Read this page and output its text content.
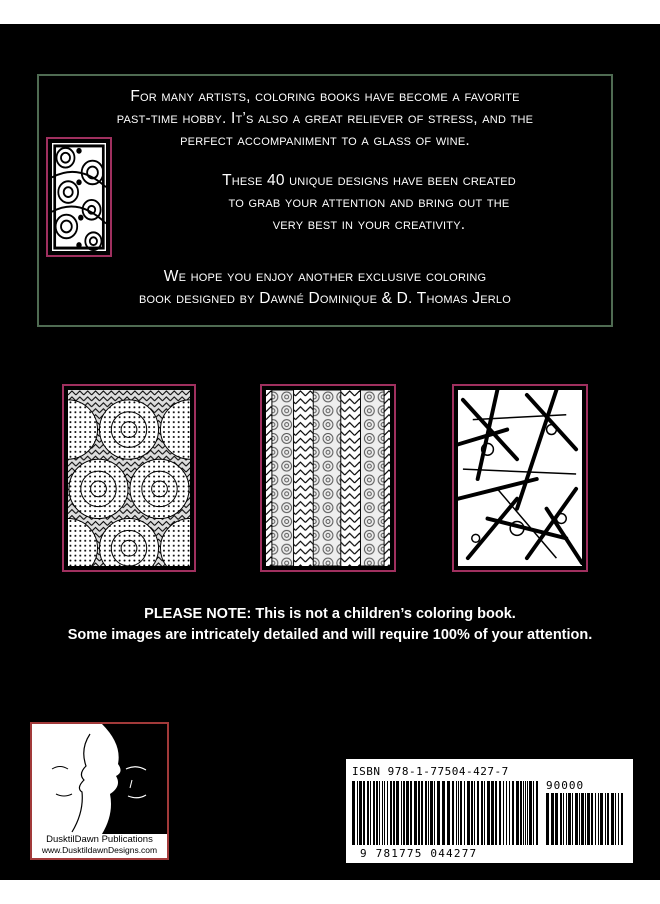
For many artists, coloring books have become a favorite
past-time hobby. It’s also a great reliever of stress, and the
perfect accompaniment to a glass of wine.
These 40 unique designs have been created
to grab your attention and bring out the
very best in your creativity.
We hope you enjoy another exclusive coloring
book designed by Dawné Dominique & D. Thomas Jerlo

PLEASE NOTE: This is not a children’s coloring book.

Some images are intricately detailed and will require 100% of your attention.

DusktilDawn Publications
www.DusktildawnDesigns.com
ISBN 978-1-77504-427-7
9 781775 044277
90000
